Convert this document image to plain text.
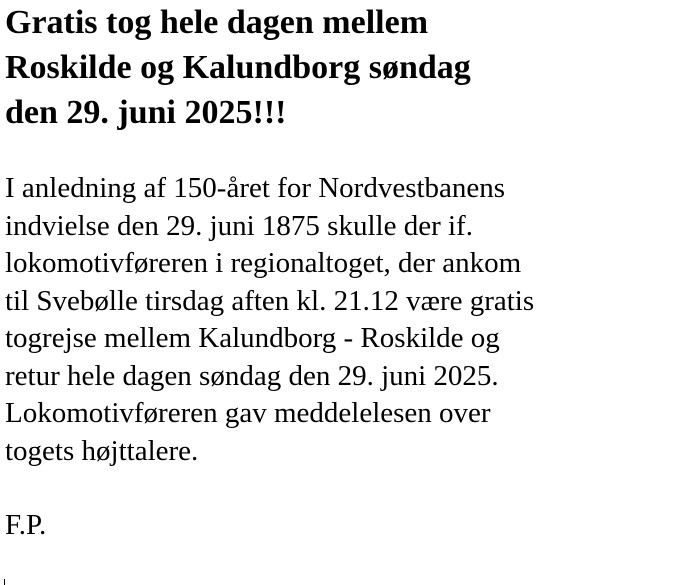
Gratis tog hele dagen mellem
Roskilde og Kalundborg søndag
den 29. juni 2025!!!

I anledning af 150-året for Nordvestbanens
indvielse den 29. juni 1875 skulle der if.
lokomotivføreren i regionaltoget, der ankom
til Svebølle tirsdag aften kl. 21.12 være gratis
togrejse mellem Kalundborg - Roskilde og
retur hele dagen søndag den 29. juni 2025.
Lokomotivføreren gav meddelelesen over
togets højttalere.

F.P.
